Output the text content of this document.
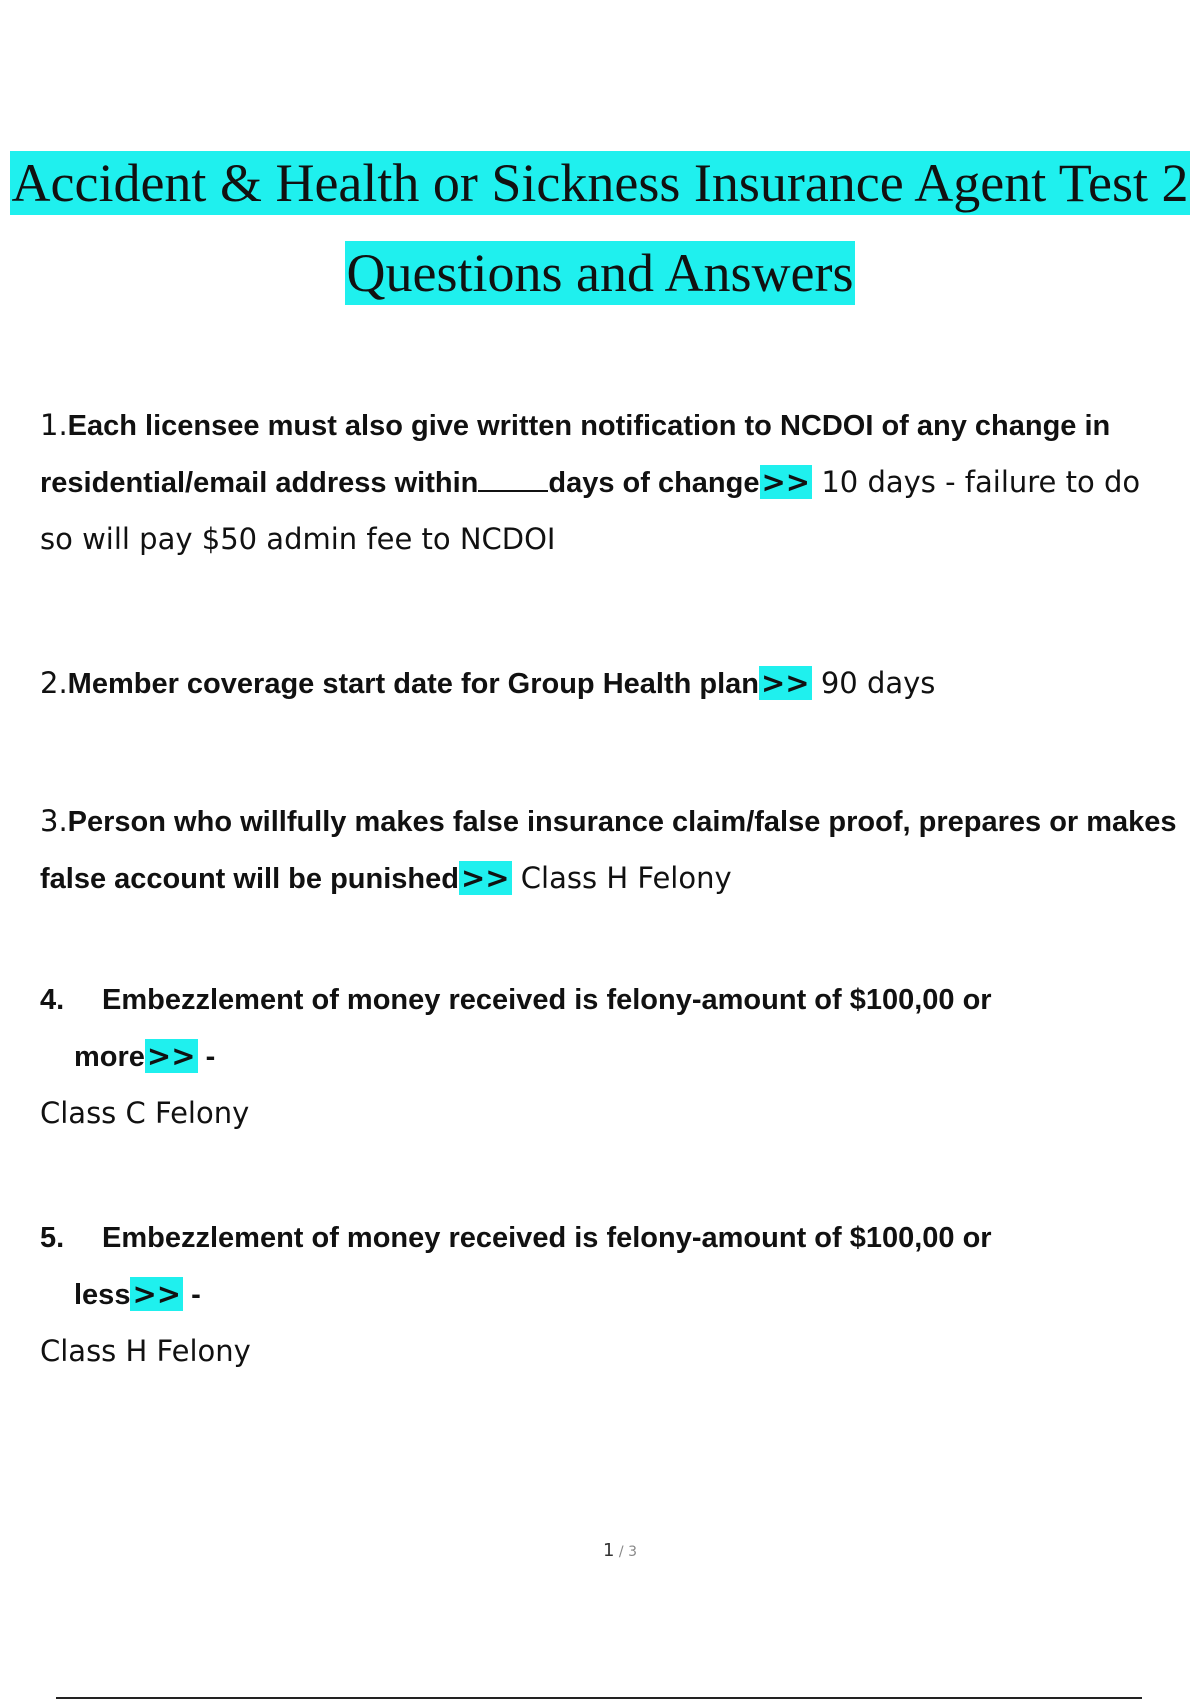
Accident & Health or Sickness Insurance Agent Test 2
Questions and Answers
1.Each licensee must also give written notification to NCDOI of any change in residential/email address within days of change>> 10 days - failure to do so will pay $50 admin fee to NCDOI
2.Member coverage start date for Group Health plan>> 90 days
3.Person who willfully makes false insurance claim/false proof, prepares or makes false account will be punished>> Class H Felony
4. Embezzlement of money received is felony-amount of $100,00 or
more>> -
Class C Felony
5. Embezzlement of money received is felony-amount of $100,00 or
less>> -
Class H Felony
1 / 3
